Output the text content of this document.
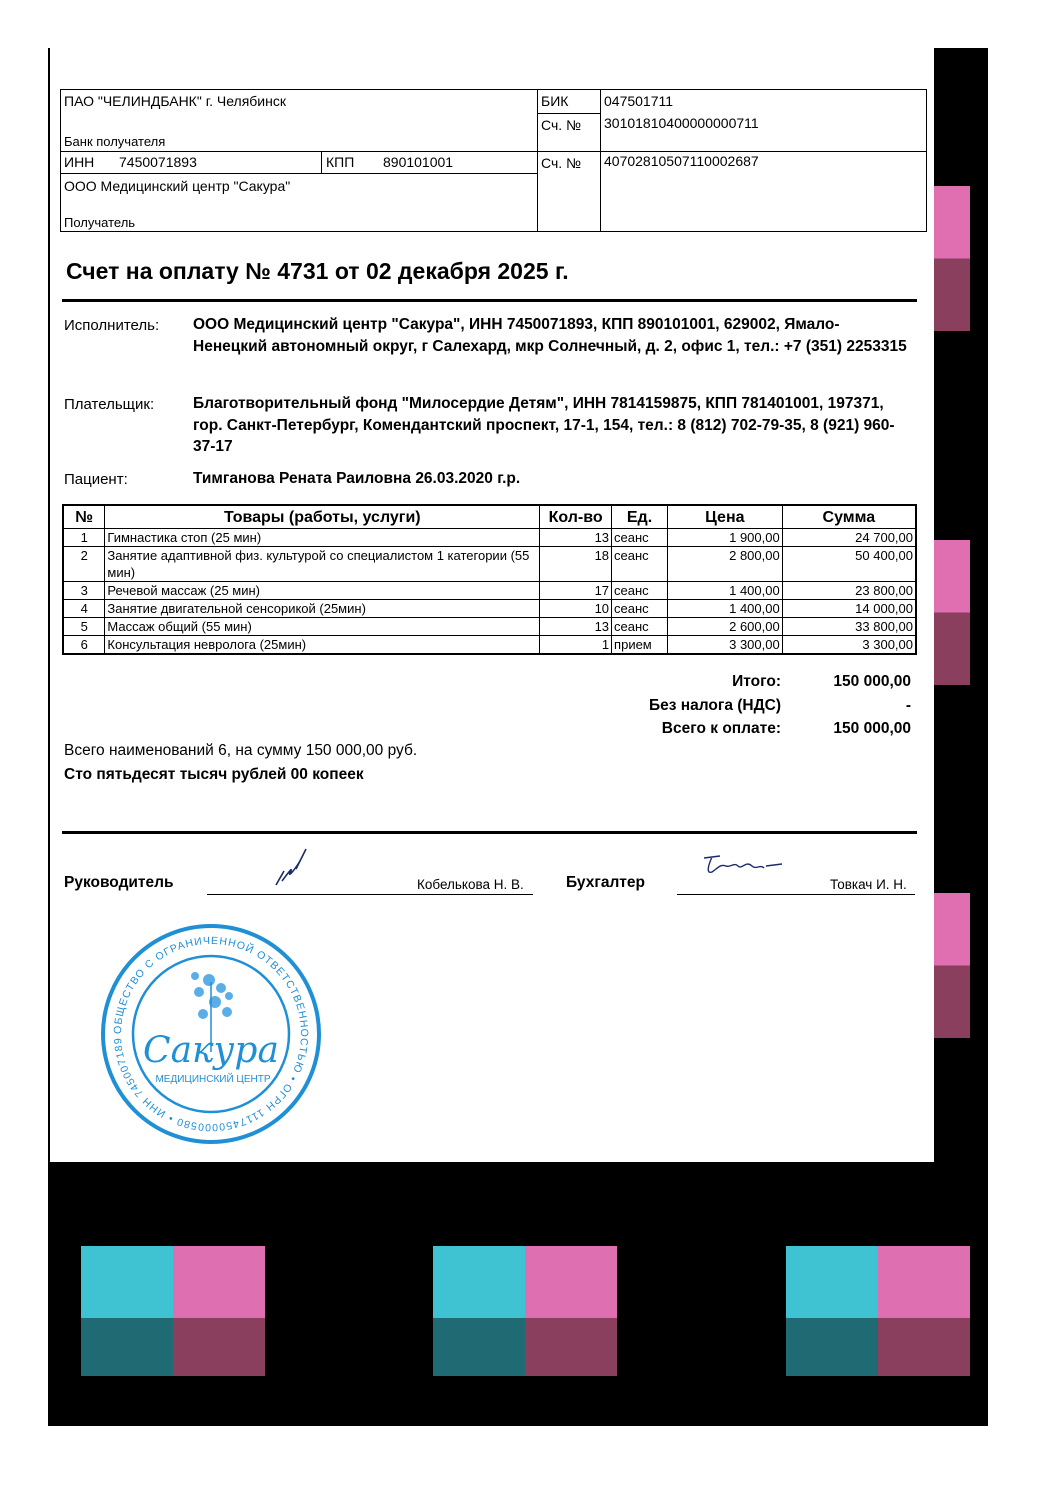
ПАО "ЧЕЛИНДБАНК" г. Челябинск
Банк получателя
БИК	047501711
Сч. № 30101810400000000711
ИНН 7450071893	КПП 890101001	Сч. № 40702810507110002687
ООО Медицинский центр "Сакура"
Получатель
Счет на оплату № 4731 от 02 декабря 2025 г.
Исполнитель: ООО Медицинский центр "Сакура", ИНН 7450071893, КПП 890101001, 629002, Ямало-Ненецкий автономный округ, г Салехард, мкр Солнечный, д. 2, офис 1, тел.: +7 (351) 2253315
Плательщик:	Благотворительный фонд "Милосердие Детям", ИНН 7814159875, КПП 781401001, 197371, гор. Санкт-Петербург, Комендантский проспект, 17-1, 154, тел.: 8 (812) 702-79-35, 8 (921) 960-37-17
Пациент:	Тимганова Рената Раиловна 26.03.2020 г.р.
№	Товары (работы, услуги)	Кол-во	Ед.	Цена	Сумма
1	Гимнастика стоп (25 мин)	13	сеанс	1 900,00	24 700,00
2	Занятие адаптивной физ. культурой со специалистом 1 категории (55 мин)	18	сеанс	2 800,00	50 400,00
3	Речевой массаж (25 мин)	17	сеанс	1 400,00	23 800,00
4	Занятие двигательной сенсорикой (25мин)	10	сеанс	1 400,00	14 000,00
5	Массаж общий (55 мин)	13	сеанс	2 600,00	33 800,00
6	Консультация невролога (25мин)	1	прием	3 300,00	3 300,00
Итого:	150 000,00
Без налога (НДС)	-
Всего к оплате:	150 000,00
Всего наименований 6, на сумму 150 000,00 руб.
Сто пятьдесят тысяч рублей 00 копеек
Руководитель	Кобелькова Н. В.	Бухгалтер	Товкач И. Н.
ОБЩЕСТВО С ОГРАНИЧЕННОЙ ОТВЕТСТВЕННОСТЬЮ • ОГРН 1117450000580 • ИНН 745007189 Сакура
МЕДИЦИНСКИЙ ЦЕНТР
